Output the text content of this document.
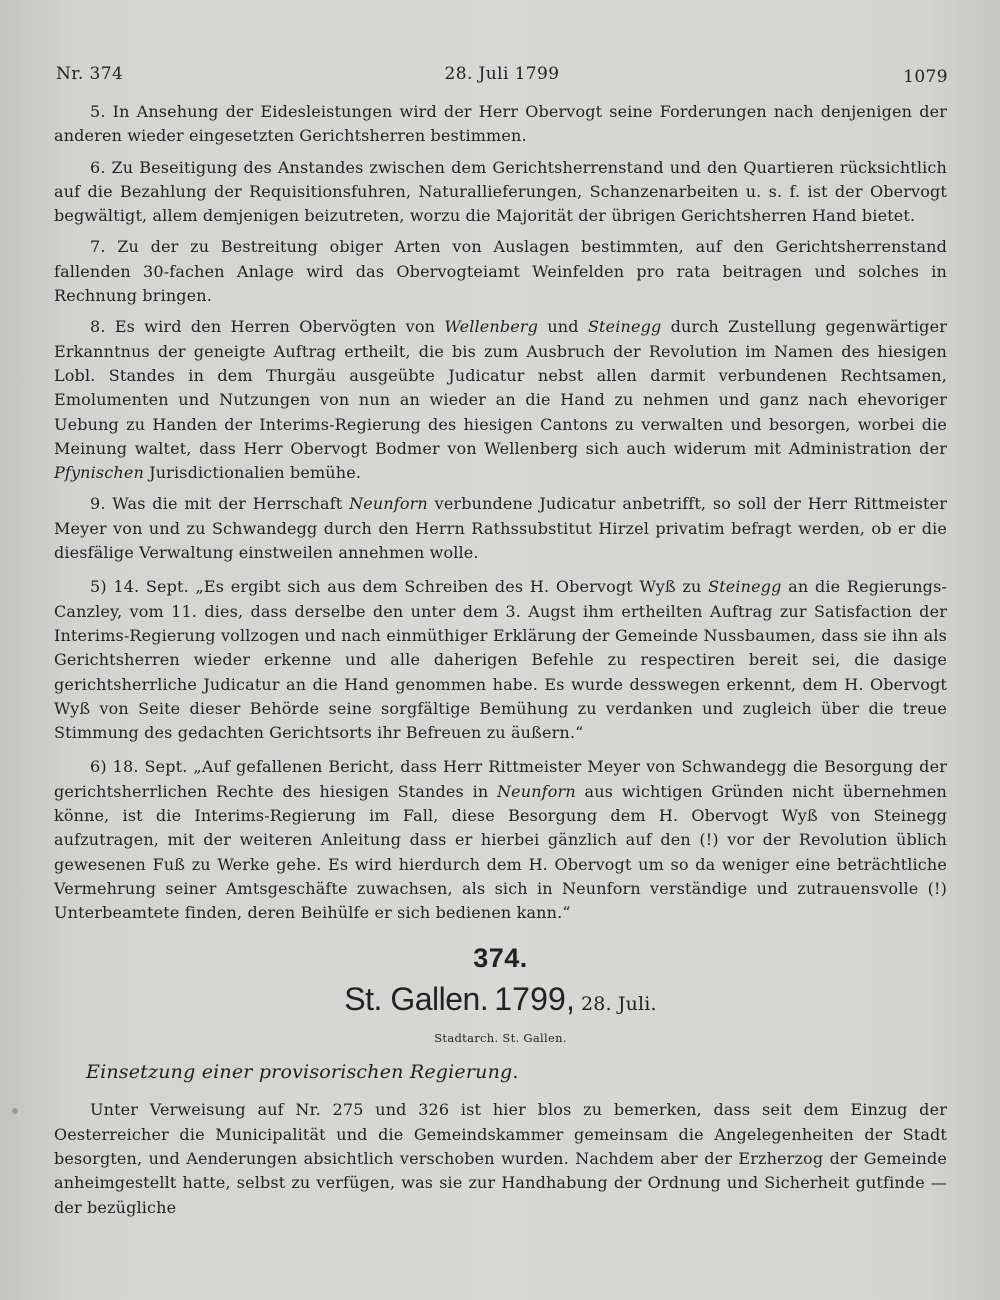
Nr. 374	28. Juli 1799	1079

5. In Ansehung der Eidesleistungen wird der Herr Obervogt seine Forderungen nach denjenigen der anderen wieder eingesetzten Gerichtsherren bestimmen.

6. Zu Beseitigung des Anstandes zwischen dem Gerichtsherrenstand und den Quartieren rücksichtlich auf die Bezahlung der Requisitionsfuhren, Naturallieferungen, Schanzenarbeiten u. s. f. ist der Obervogt begwältigt, allem demjenigen beizutreten, worzu die Majorität der übrigen Gerichtsherren Hand bietet.

7. Zu der zu Bestreitung obiger Arten von Auslagen bestimmten, auf den Gerichtsherrenstand fallenden 30-fachen Anlage wird das Obervogteiamt Weinfelden pro rata beitragen und solches in Rechnung bringen.

8. Es wird den Herren Obervögten von Wellenberg und Steinegg durch Zustellung gegenwärtiger Erkanntnus der geneigte Auftrag ertheilt, die bis zum Ausbruch der Revolution im Namen des hiesigen Lobl. Standes in dem Thurgäu ausgeübte Judicatur nebst allen darmit verbundenen Rechtsamen, Emolumenten und Nutzungen von nun an wieder an die Hand zu nehmen und ganz nach ehevoriger Uebung zu Handen der Interims-Regierung des hiesigen Cantons zu verwalten und besorgen, worbei die Meinung waltet, dass Herr Obervogt Bodmer von Wellenberg sich auch widerum mit Administration der Pfynischen Jurisdictionalien bemühe.

9. Was die mit der Herrschaft Neunforn verbundene Judicatur anbetrifft, so soll der Herr Rittmeister Meyer von und zu Schwandegg durch den Herrn Rathssubstitut Hirzel privatim befragt werden, ob er die diesfälige Verwaltung einstweilen annehmen wolle.

5) 14. Sept. „Es ergibt sich aus dem Schreiben des H. Obervogt Wyß zu Steinegg an die Regierungs-Canzley, vom 11. dies, dass derselbe den unter dem 3. Augst ihm ertheilten Auftrag zur Satisfaction der Interims-Regierung vollzogen und nach einmüthiger Erklärung der Gemeinde Nussbaumen, dass sie ihn als Gerichtsherren wieder erkenne und alle daherigen Befehle zu respectiren bereit sei, die dasige gerichtsherrliche Judicatur an die Hand genommen habe. Es wurde desswegen erkennt, dem H. Obervogt Wyß von Seite dieser Behörde seine sorgfältige Bemühung zu verdanken und zugleich über die treue Stimmung des gedachten Gerichtsorts ihr Befreuen zu äußern.“

6) 18. Sept. „Auf gefallenen Bericht, dass Herr Rittmeister Meyer von Schwandegg die Besorgung der gerichtsherrlichen Rechte des hiesigen Standes in Neunforn aus wichtigen Gründen nicht übernehmen könne, ist die Interims-Regierung im Fall, diese Besorgung dem H. Obervogt Wyß von Steinegg aufzutragen, mit der weiteren Anleitung dass er hierbei gänzlich auf den (!) vor der Revolution üblich gewesenen Fuß zu Werke gehe. Es wird hierdurch dem H. Obervogt um so da weniger eine beträchtliche Vermehrung seiner Amtsgeschäfte zuwachsen, als sich in Neunforn verständige und zutrauensvolle (!) Unterbeamtete finden, deren Beihülfe er sich bedienen kann.“

374.
St. Gallen. 1799, 28. Juli.
Stadtarch. St. Gallen.
Einsetzung einer provisorischen Regierung.

Unter Verweisung auf Nr. 275 und 326 ist hier blos zu bemerken, dass seit dem Einzug der Oesterreicher die Municipalität und die Gemeindskammer gemeinsam die Angelegenheiten der Stadt besorgten, und Aenderungen absichtlich verschoben wurden. Nachdem aber der Erzherzog der Gemeinde anheimgestellt hatte, selbst zu verfügen, was sie zur Handhabung der Ordnung und Sicherheit gutfinde — der bezügliche
